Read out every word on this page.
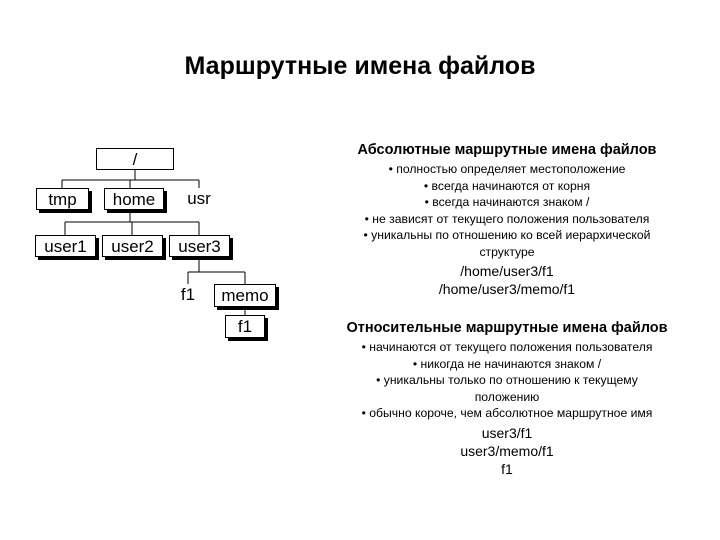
Маршрутные имена файлов
/
tmp	home	usr
user1	user2	user3
f1	memo
f1
Абсолютные маршрутные имена файлов
• полностью определяет местоположение
• всегда начинаются от корня
• всегда начинаются знаком /
• не зависят от текущего положения пользователя
• уникальны по отношению ко всей иерархической
структуре
/home/user3/f1
/home/user3/memo/f1
Относительные маршрутные имена файлов
• начинаются от текущего положения пользователя
• никогда не начинаются знаком /
• уникальны только по отношению к текущему
положению
• обычно короче, чем абсолютное маршрутное имя
user3/f1
user3/memo/f1
f1
